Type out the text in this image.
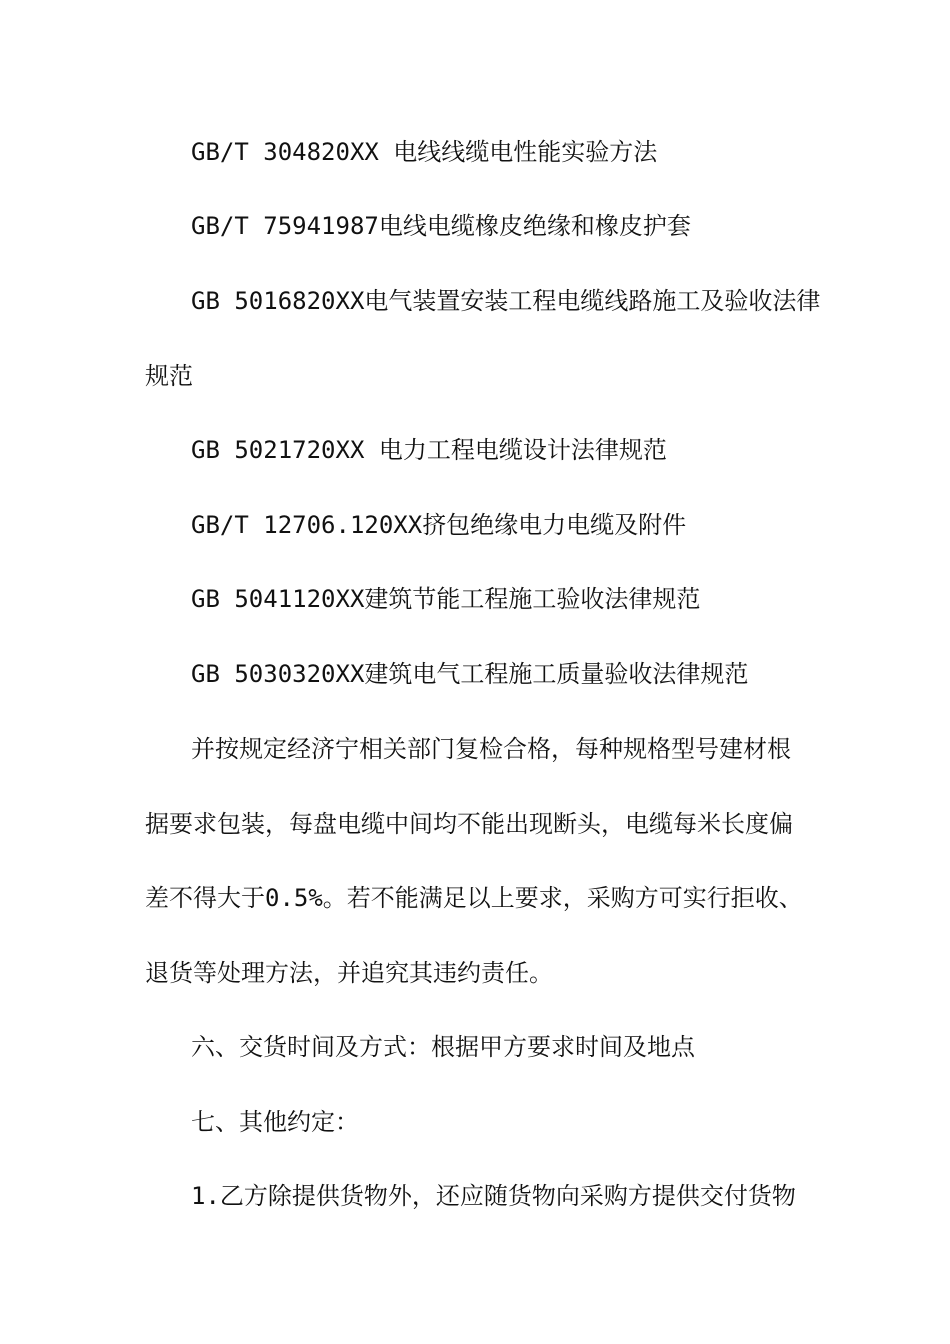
GB/T 304820XX 电线线缆电性能实验方法
GB/T 75941987电线电缆橡皮绝缘和橡皮护套
GB 5016820XX电气装置安装工程电缆线路施工及验收法律
规范
GB 5021720XX 电力工程电缆设计法律规范
GB/T 12706.120XX挤包绝缘电力电缆及附件
GB 5041120XX建筑节能工程施工验收法律规范
GB 5030320XX建筑电气工程施工质量验收法律规范
并按规定经济宁相关部门复检合格，每种规格型号建材根
据要求包装，每盘电缆中间均不能出现断头，电缆每米长度偏
差不得大于0.5%。若不能满足以上要求，采购方可实行拒收、
退货等处理方法，并追究其违约责任。
六、交货时间及方式：根据甲方要求时间及地点
七、其他约定：
1.乙方除提供货物外，还应随货物向采购方提供交付货物
